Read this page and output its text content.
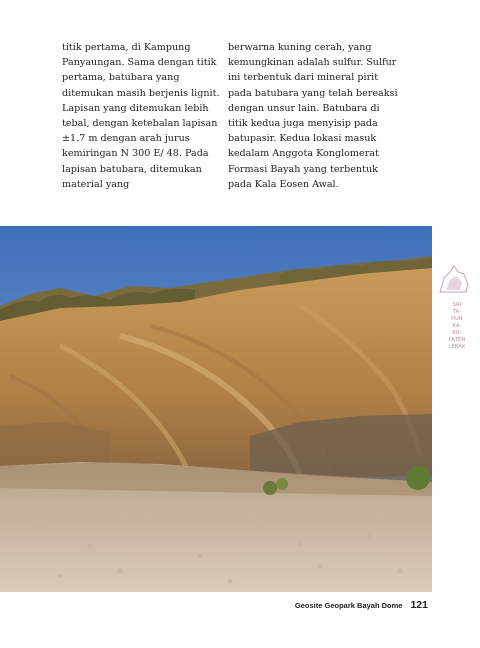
titik pertama, di Kampung Panyaungan. Sama dengan titik pertama, batubara yang ditemukan masih berjenis lignit. Lapisan yang ditemukan lebih tebal, dengan ketebalan lapisan ±1.7 m dengan arah jurus kemiringan N 300 E/ 48. Pada lapisan batubara, ditemukan material yang

berwarna kuning cerah, yang kemungkinan adalah sulfur. Sulfur ini terbentuk dari mineral pirit pada batubara yang telah bereaksi dengan unsur lain. Batubara di titik kedua juga menyisip pada batupasir. Kedua lokasi masuk kedalam Anggota Konglomerat Formasi Bayah yang terbentuk pada Kala Eosen Awal.

SRI
TA-
HUN
KA-
BU-
PATEN
LEBAK
Geosite Geopark Bayah Dome 121
